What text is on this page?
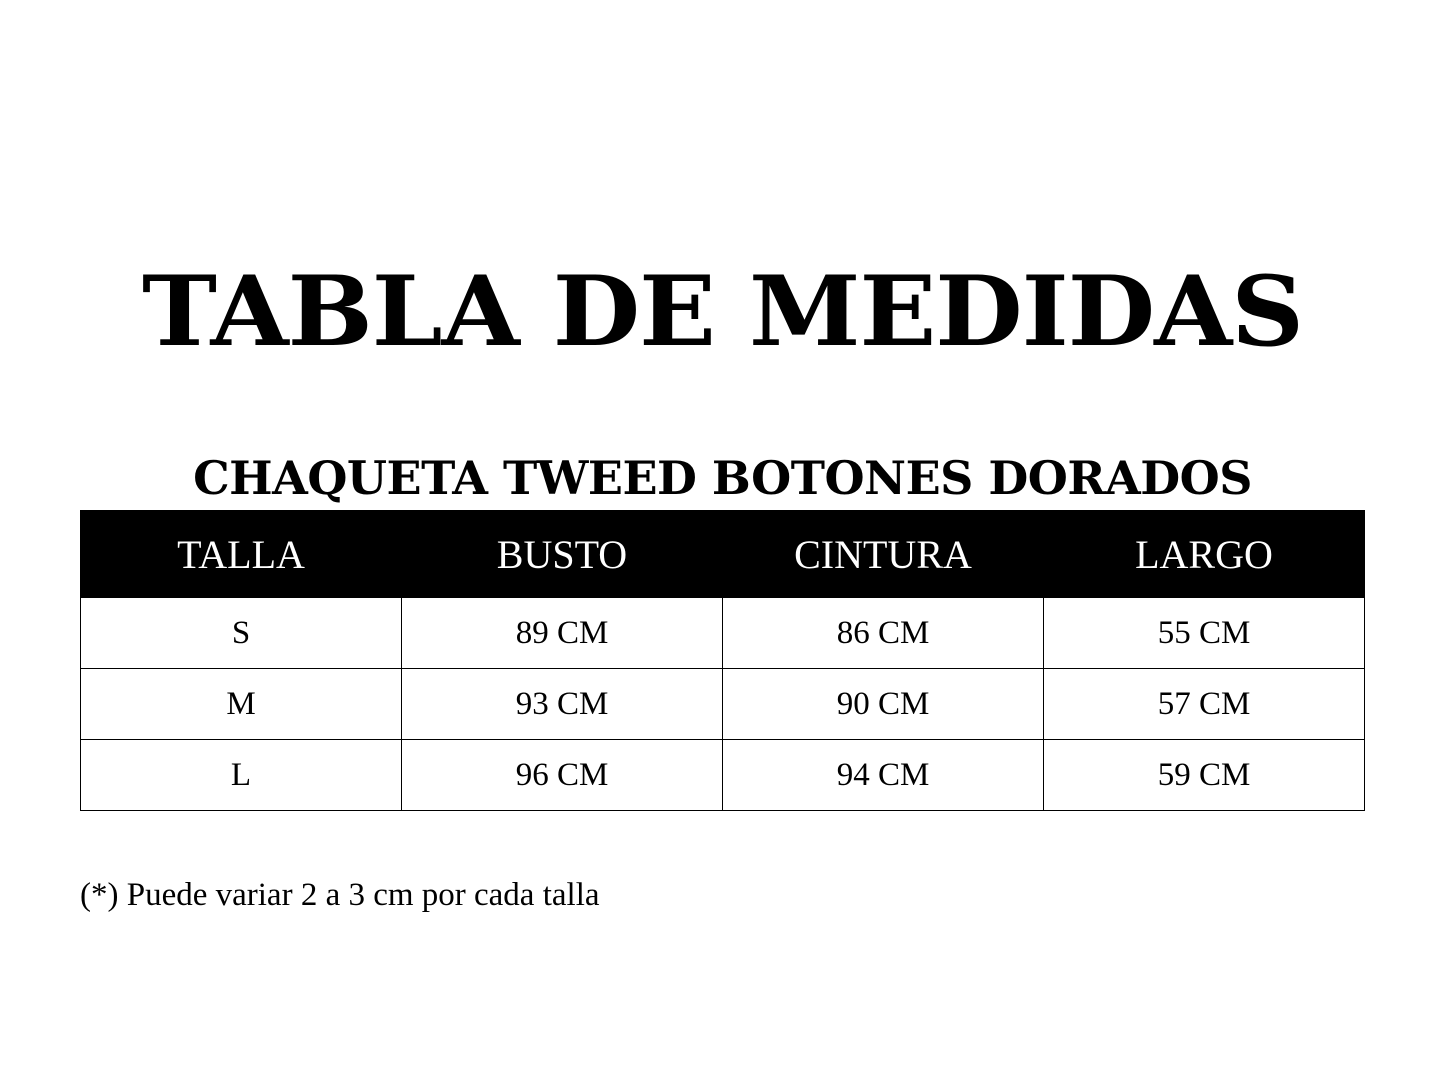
TABLA DE MEDIDAS
CHAQUETA TWEED BOTONES DORADOS
TALLA	BUSTO	CINTURA	LARGO
S	89 CM	86 CM	55 CM
M	93 CM	90 CM	57 CM
L	96 CM	94 CM	59 CM

(*) Puede variar 2 a 3 cm por cada talla
